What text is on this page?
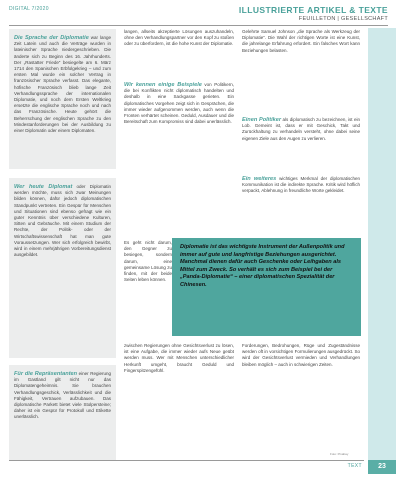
DIGITAL 7/2020	ILLUSTRIERTE ARTIKEL & TEXTE
FEUILLETON | GESELLSCHAFT

Die Sprache der Diplomatie war lange Zeit Latein und auch die Verträge wurden in lateinischer Sprache niedergeschrieben. Die änderte sich zu Beginn des 16. Jahrhunderts. Der „Rastatter Friede“ besiegelte am 6. März 1714 den Spanischen Erbfolgekrieg – und zum ersten Mal wurde ein solcher Vertrag in französischer Sprache verfasst. Das elegante, höfische Französisch blieb lange Zeit Verhandlungssprache der internationalen Diplomatie, und noch dem Ersten Weltkrieg ersetzte die englische Sprache noch und nach das Französische. Heute gehört die Beherrschung der englischen Sprache zu den Mindestanforderungen bei der Ausbildung zu einer Diplomatin oder einem Diplomaten.

Wer heute Diplomat oder Diplomatin werden möchte, muss sich zwar Meinungen bilden können, dafür jedoch diplomatischen Standpunkt vertreten. Ein Gespür für Menschen und Situationen sind ebenso gefragt wie ein guter Kenntnis über verschiedene Kulturen, Sitten und Gebräuche. Mit einem Studium der Rechte, der Politik- oder der Wirtschaftswissenschaft hat man gute Voraussetzungen. Wer sich erfolgreich bewirbt, wird in einem mehrjährigen Vorbereitungsdienst ausgebildet.

Für die Repräsentanten einer Regierung im Gastland gilt nicht nur das Diplomatengeheimnis. Sie brauchen Verhandlungsgeschick, Verlässlichkeit und die Fähigkeit, Vertrauen aufzubauen. Das diplomatische Parkett bietet viele Stolpersteine; daher ist ein Gespür für Protokoll und Etikette unerlässlich.

langen, allseits akzeptierte Lösungen auszuhandeln, ohne den Verhandlungspartner vor den Kopf zu stoßen oder zu überfordern, ist die hohe Kunst der Diplomatie.
Wir kennen einige Beispiele von Politikern, die bei Konflikten nicht diplomatisch handelten und deshalb in eine Sackgasse gerieten. Ein diplomatisches Vorgehen zeigt sich in Gesprächen, die immer wieder aufgenommen werden, auch wenn die Fronten verhärtet scheinen. Geduld, Ausdauer und die Bereitschaft zum Kompromiss sind dabei unerlässlich.
Es geht nicht darum, den Gegner zu besiegen, sondern darum, eine gemeinsame Lösung zu finden, mit der beide Seiten leben können.
zwischen Regierungen ohne Gesichtsverlust zu lösen, ist eine Aufgabe, die immer wieder aufs Neue geübt werden muss. Wer mit Menschen unterschiedlicher Herkunft umgeht, braucht Geduld und Fingerspitzengefühl.
Gelehrte Samuel Johnson „die Sprache als Werkzeug der Diplomatie“. Die Wahl der richtigen Worte ist eine Kunst, die jahrelange Erfahrung erfordert. Ein falsches Wort kann Beziehungen belasten.
Einen Politiker als diplomatisch zu bezeichnen, ist ein Lob. Gemeint ist, dass er mit Geschick, Takt und Zurückhaltung zu verhandeln versteht, ohne dabei seine eigenen Ziele aus den Augen zu verlieren.
Ein weiteres wichtiges Merkmal der diplomatischen Kommunikation ist die indirekte Sprache. Kritik wird höflich verpackt, Ablehnung in freundliche Worte gekleidet.
Forderungen, Bedrohungen, Rüge und Zugeständnisse werden oft in vorsichtigen Formulierungen ausgedrückt. So wird der Gesichtsverlust vermieden und Verhandlungen bleiben möglich – auch in schwierigen Zeiten.
Diplomatie ist das wichtigste Instrument der Außenpolitik und immer auf gute und langfristige Beziehungen ausgerichtet. Manchmal dienen dafür auch Geschenke oder Leihgaben als Mittel zum Zweck. So verhält es sich zum Beispiel bei der „Panda-Diplomatie“ – einer diplomatischen Spezialität der Chinesen.
Foto: Pixabay
TEXT	23
